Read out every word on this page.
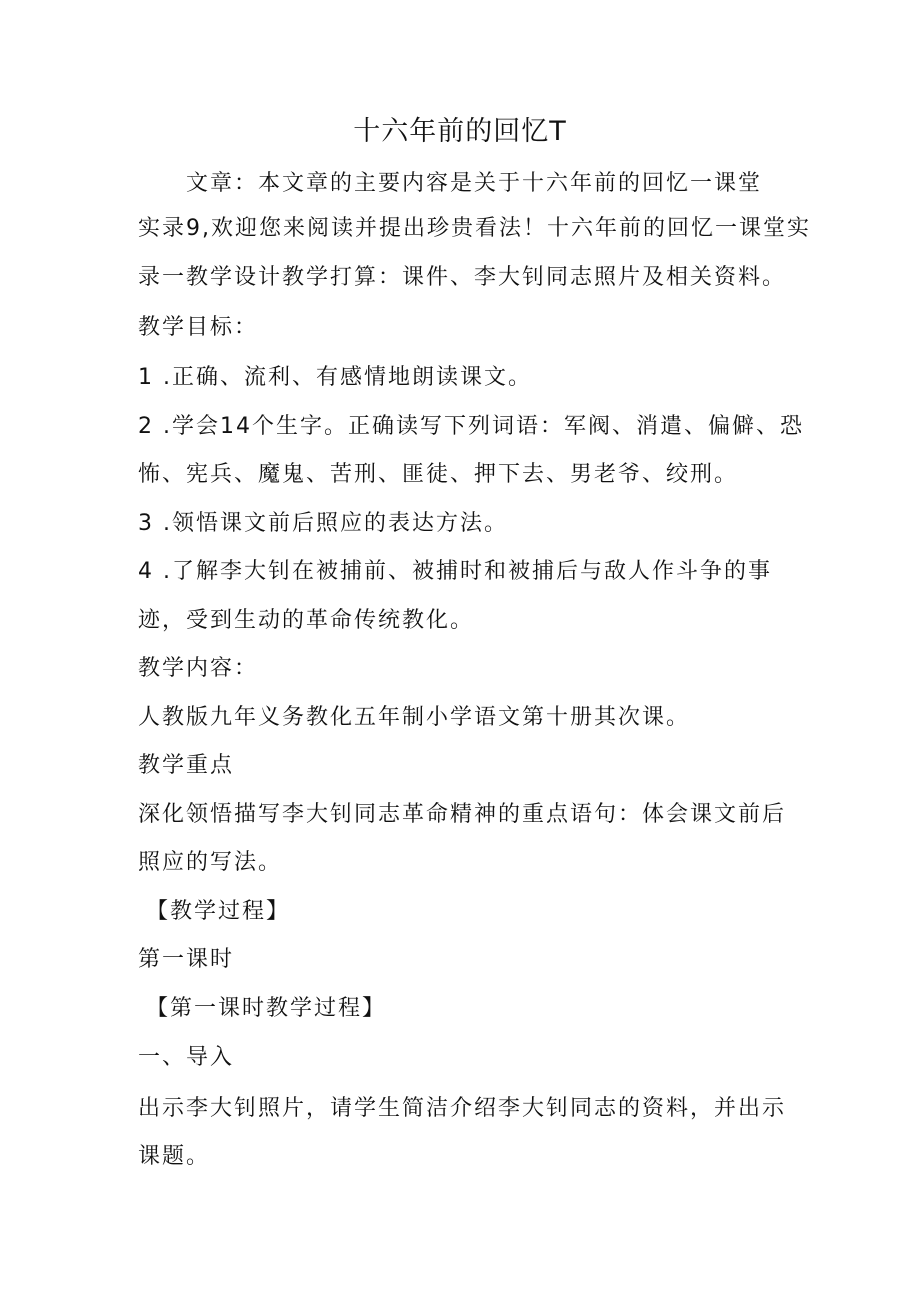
十六年前的回忆T
文章：本文章的主要内容是关于十六年前的回忆一课堂
实录9,欢迎您来阅读并提出珍贵看法！十六年前的回忆一课堂实
录一教学设计教学打算：课件、李大钊同志照片及相关资料。
教学目标：
1 .正确、流利、有感情地朗读课文。
2 .学会14个生字。正确读写下列词语：军阀、消遣、偏僻、恐
怖、宪兵、魔鬼、苦刑、匪徒、押下去、男老爷、绞刑。
3 .领悟课文前后照应的表达方法。
4 .了解李大钊在被捕前、被捕时和被捕后与敌人作斗争的事
迹，受到生动的革命传统教化。
教学内容：
人教版九年义务教化五年制小学语文第十册其次课。
教学重点
深化领悟描写李大钊同志革命精神的重点语句：体会课文前后
照应的写法。
【教学过程】
第一课时
【第一课时教学过程】
一、导入
出示李大钊照片，请学生简洁介绍李大钊同志的资料，并出示
课题。
